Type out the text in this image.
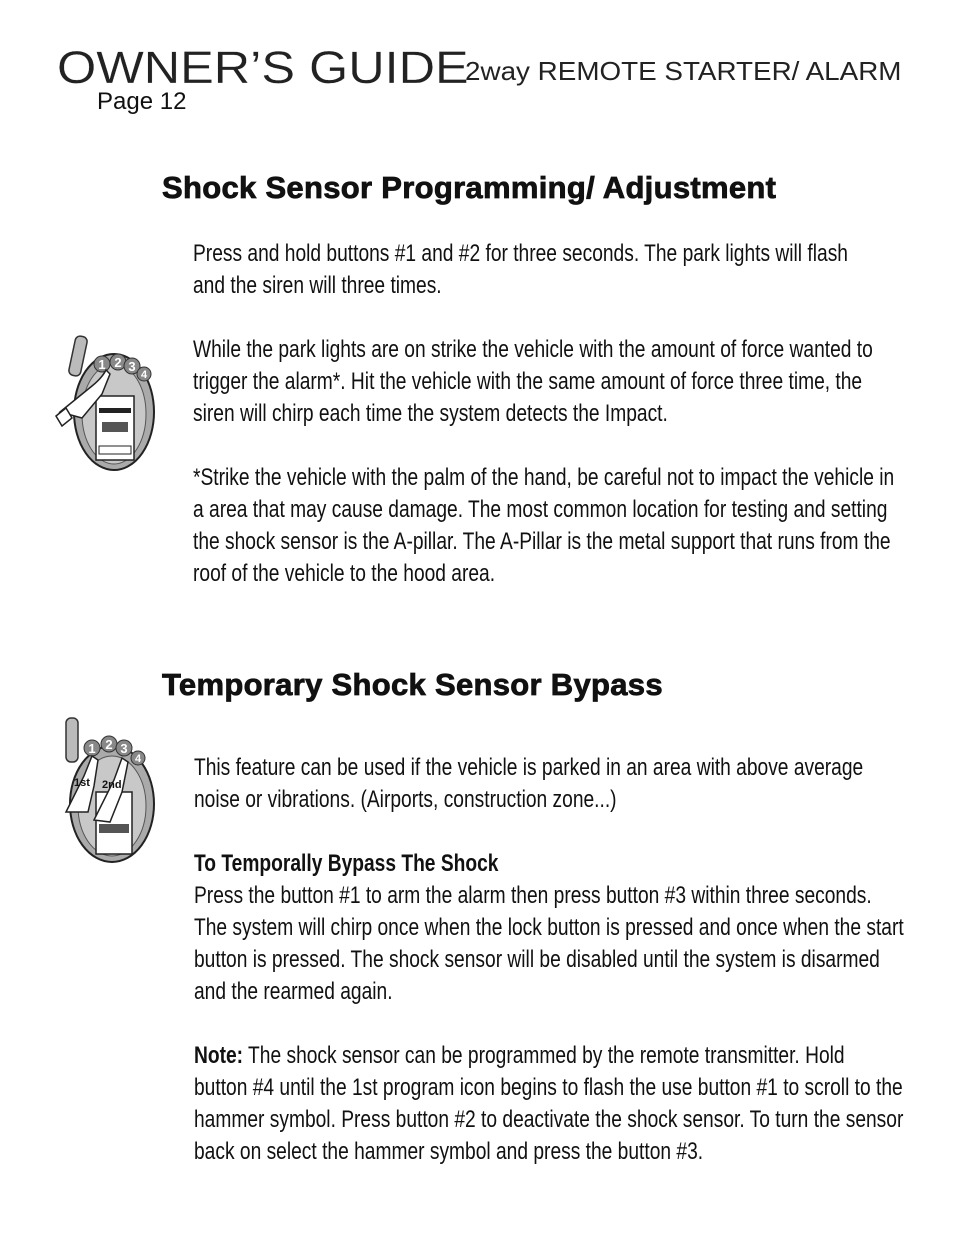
OWNER’S GUIDE
2way REMOTE STARTER/ ALARM
Page 12
Shock Sensor Programming/ Adjustment
Press and hold buttons #1 and #2 for three seconds. The park lights will flash
and the siren will three times.
While the park lights are on strike the vehicle with the amount of force wanted to
trigger the alarm*. Hit the vehicle with the same amount of force three time, the
siren will chirp each time the system detects the Impact.
*Strike the vehicle with the palm of the hand, be careful not to impact the vehicle in
a area that may cause damage. The most common location for testing and setting
the shock sensor is the A-pillar. The A-Pillar is the metal support that runs from the
roof of the vehicle to the hood area.
1 2 3
4
Temporary Shock Sensor Bypass
1 2 3
4
1st 2nd
This feature can be used if the vehicle is parked in an area with above average
noise or vibrations. (Airports, construction zone...)
To Temporally Bypass The Shock
Press the button #1 to arm the alarm then press button #3 within three seconds.
The system will chirp once when the lock button is pressed and once when the start
button is pressed. The shock sensor will be disabled until the system is disarmed
and the rearmed again.
Note: The shock sensor can be programmed by the remote transmitter. Hold
button #4 until the 1st program icon begins to flash the use button #1 to scroll to the
hammer symbol. Press button #2 to deactivate the shock sensor. To turn the sensor
back on select the hammer symbol and press the button #3.
